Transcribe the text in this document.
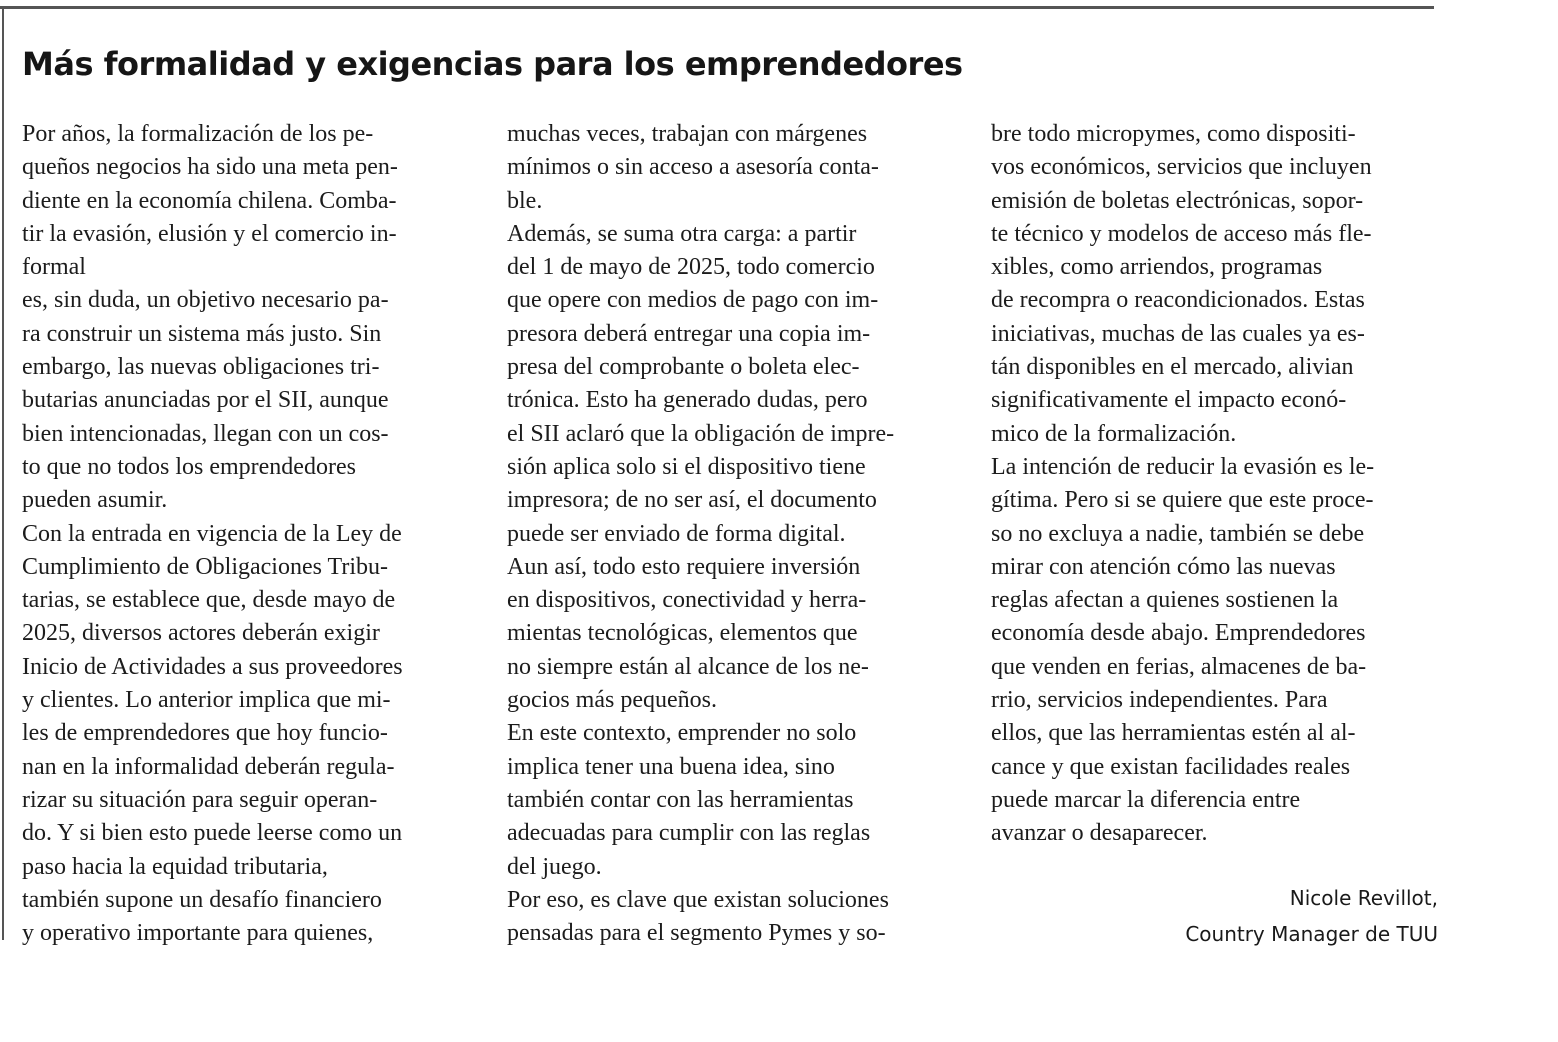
Más formalidad y exigencias para los emprendedores
Por años, la formalización de los pe-
queños negocios ha sido una meta pen-
diente en la economía chilena. Comba-
tir la evasión, elusión y el comercio in-
formal
es, sin duda, un objetivo necesario pa-
ra construir un sistema más justo. Sin
embargo, las nuevas obligaciones tri-
butarias anunciadas por el SII, aunque
bien intencionadas, llegan con un cos-
to que no todos los emprendedores
pueden asumir.
Con la entrada en vigencia de la Ley de
Cumplimiento de Obligaciones Tribu-
tarias, se establece que, desde mayo de
2025, diversos actores deberán exigir
Inicio de Actividades a sus proveedores
y clientes. Lo anterior implica que mi-
les de emprendedores que hoy funcio-
nan en la informalidad deberán regula-
rizar su situación para seguir operan-
do. Y si bien esto puede leerse como un
paso hacia la equidad tributaria,
también supone un desafío financiero
y operativo importante para quienes,
muchas veces, trabajan con márgenes
mínimos o sin acceso a asesoría conta-
ble.
Además, se suma otra carga: a partir
del 1 de mayo de 2025, todo comercio
que opere con medios de pago con im-
presora deberá entregar una copia im-
presa del comprobante o boleta elec-
trónica. Esto ha generado dudas, pero
el SII aclaró que la obligación de impre-
sión aplica solo si el dispositivo tiene
impresora; de no ser así, el documento
puede ser enviado de forma digital.
Aun así, todo esto requiere inversión
en dispositivos, conectividad y herra-
mientas tecnológicas, elementos que
no siempre están al alcance de los ne-
gocios más pequeños.
En este contexto, emprender no solo
implica tener una buena idea, sino
también contar con las herramientas
adecuadas para cumplir con las reglas
del juego.
Por eso, es clave que existan soluciones
pensadas para el segmento Pymes y so-
bre todo micropymes, como dispositi-
vos económicos, servicios que incluyen
emisión de boletas electrónicas, sopor-
te técnico y modelos de acceso más fle-
xibles, como arriendos, programas
de recompra o reacondicionados. Estas
iniciativas, muchas de las cuales ya es-
tán disponibles en el mercado, alivian
significativamente el impacto econó-
mico de la formalización.
La intención de reducir la evasión es le-
gítima. Pero si se quiere que este proce-
so no excluya a nadie, también se debe
mirar con atención cómo las nuevas
reglas afectan a quienes sostienen la
economía desde abajo. Emprendedores
que venden en ferias, almacenes de ba-
rrio, servicios independientes. Para
ellos, que las herramientas estén al al-
cance y que existan facilidades reales
puede marcar la diferencia entre
avanzar o desaparecer.
Nicole Revillot,
Country Manager de TUU
